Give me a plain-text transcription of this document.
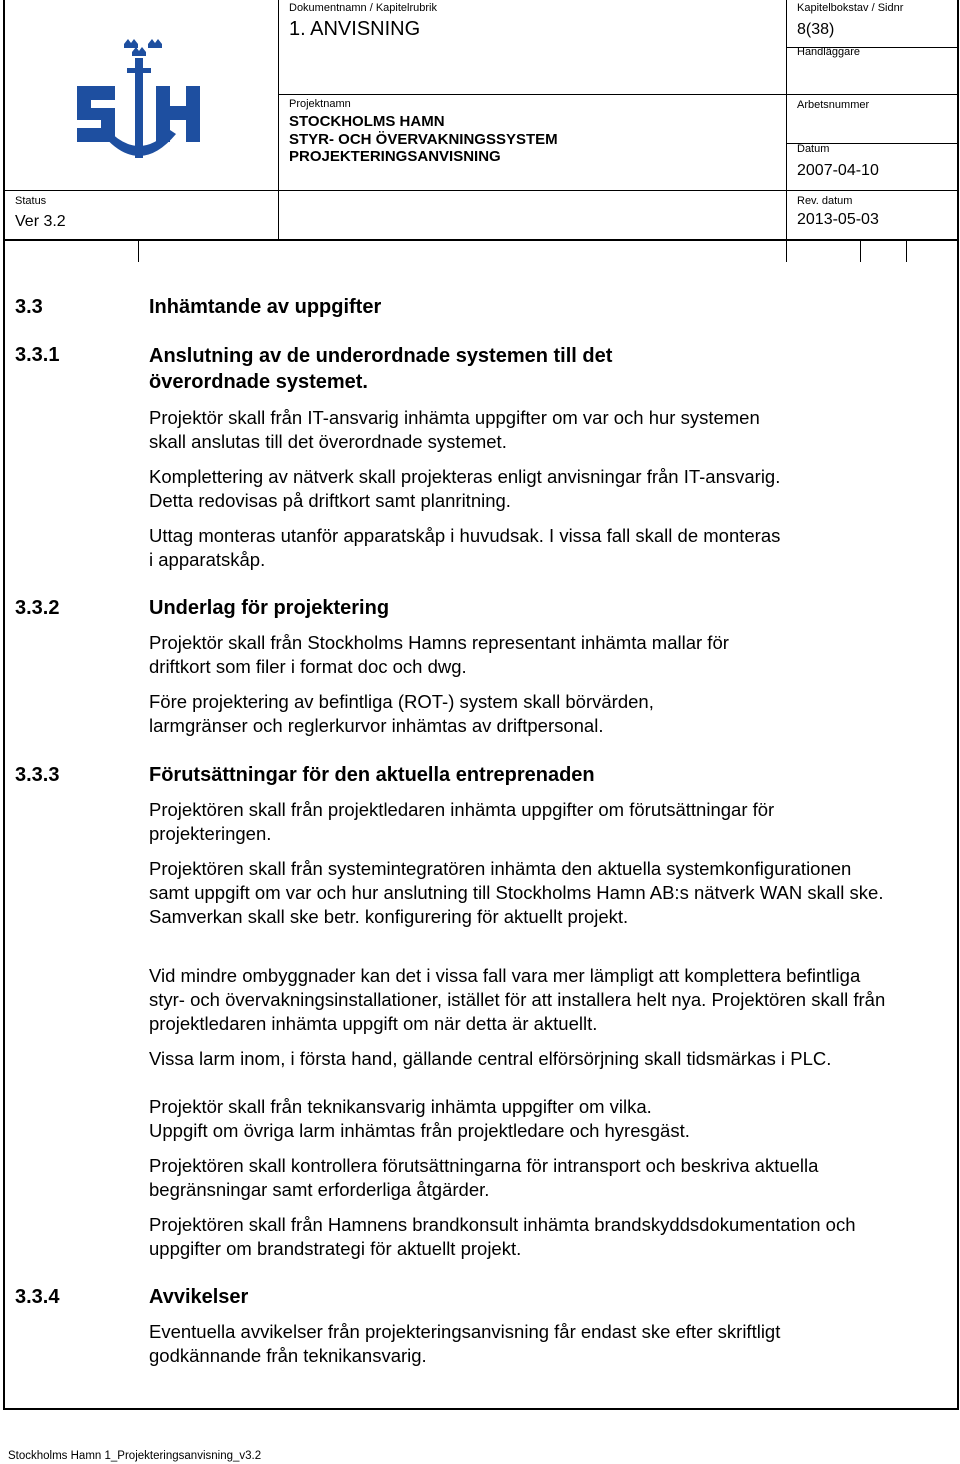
SH
Dokumentnamn / Kapitelrubrik
1. ANVISNING
Kapitelbokstav / Sidnr
8(38)
Handläggare
Projektnamn
STOCKHOLMS HAMN
STYR- OCH ÖVERVAKNINGSSYSTEM
PROJEKTERINGSANVISNING
Arbetsnummer
Datum
2007-04-10
Status
Ver 3.2
Rev. datum
2013-05-03
3.3	Inhämtande av uppgifter
3.3.1	Anslutning av de underordnade systemen till det överordnade systemet.
Projektör skall från IT-ansvarig inhämta uppgifter om var och hur systemen skall anslutas till det överordnade systemet.
Komplettering av nätverk skall projekteras enligt anvisningar från IT-ansvarig. Detta redovisas på driftkort samt planritning.
Uttag monteras utanför apparatskåp i huvudsak. I vissa fall skall de monteras i apparatskåp.
3.3.2	Underlag för projektering
Projektör skall från Stockholms Hamns representant inhämta mallar för driftkort som filer i format doc och dwg.
Före projektering av befintliga (ROT-) system skall börvärden, larmgränser och reglerkurvor inhämtas av driftpersonal.
3.3.3	Förutsättningar för den aktuella entreprenaden
Projektören skall från projektledaren inhämta uppgifter om förutsättningar för projekteringen.
Projektören skall från systemintegratören inhämta den aktuella systemkonfigurationen samt uppgift om var och hur anslutning till Stockholms Hamn AB:s nätverk WAN skall ske. Samverkan skall ske betr. konfigurering för aktuellt projekt.
Vid mindre ombyggnader kan det i vissa fall vara mer lämpligt att komplettera befintliga styr- och övervakningsinstallationer, istället för att installera helt nya. Projektören skall från projektledaren inhämta uppgift om när detta är aktuellt.
Vissa larm inom, i första hand, gällande central elförsörjning skall tidsmärkas i PLC.
Projektör skall från teknikansvarig inhämta uppgifter om vilka.
Uppgift om övriga larm inhämtas från projektledare och hyresgäst.
Projektören skall kontrollera förutsättningarna för intransport och beskriva aktuella begränsningar samt erforderliga åtgärder.
Projektören skall från Hamnens brandkonsult inhämta brandskyddsdokumentation och uppgifter om brandstrategi för aktuellt projekt.
3.3.4	Avvikelser
Eventuella avvikelser från projekteringsanvisning får endast ske efter skriftligt godkännande från teknikansvarig.
Stockholms Hamn 1_Projekteringsanvisning_v3.2
